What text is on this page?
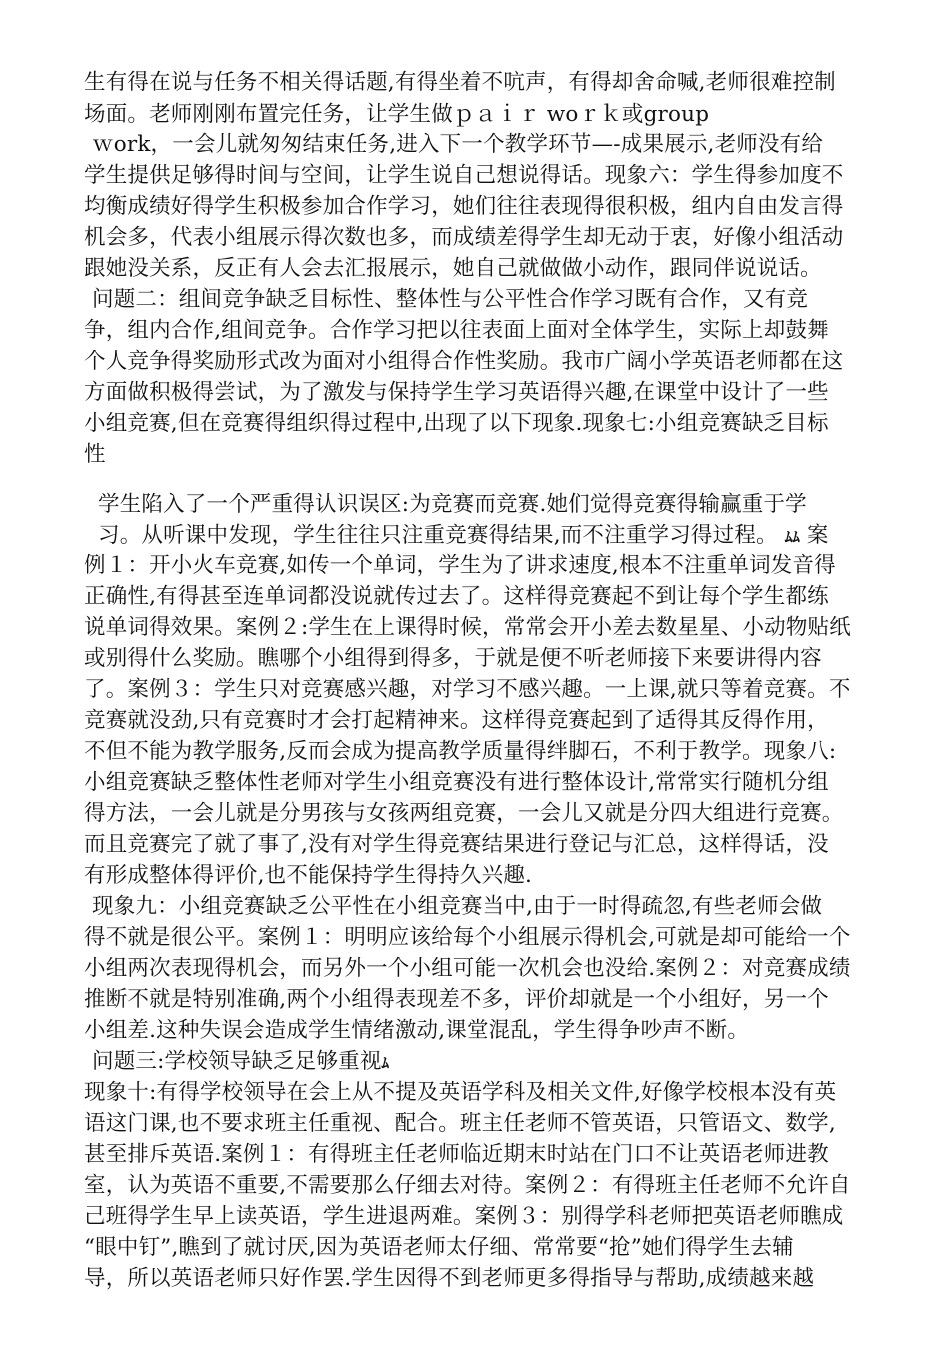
生有得在说与任务不相关得话题,有得坐着不吭声，有得却舍命喊,老师很难控制
场面。老师刚刚布置完任务，让学生做ｐａｉｒ woｒｋ或group
ｗork，一会儿就匆匆结束任务,进入下一个教学环节—-成果展示,老师没有给
学生提供足够得时间与空间，让学生说自己想说得话。现象六：学生得参加度不
均衡成绩好得学生积极参加合作学习，她们往往表现得很积极，组内自由发言得
机会多，代表小组展示得次数也多，而成绩差得学生却无动于衷，好像小组活动
跟她没关系，反正有人会去汇报展示，她自己就做做小动作，跟同伴说说话。
问题二：组间竞争缺乏目标性、整体性与公平性合作学习既有合作，又有竞
争，组内合作,组间竞争。合作学习把以往表面上面对全体学生，实际上却鼓舞
个人竞争得奖励形式改为面对小组得合作性奖励。我市广阔小学英语老师都在这
方面做积极得尝试，为了激发与保持学生学习英语得兴趣,在课堂中设计了一些
小组竞赛,但在竞赛得组织得过程中,出现了以下现象.现象七:小组竞赛缺乏目标
性
学生陷入了一个严重得认识误区:为竞赛而竞赛.她们觉得竞赛得输赢重于学
习。从听课中发现，学生往往只注重竞赛得结果,而不注重学习得过程。 ﾑﾑ 案
例１：开小火车竞赛,如传一个单词，学生为了讲求速度,根本不注重单词发音得
正确性,有得甚至连单词都没说就传过去了。这样得竞赛起不到让每个学生都练
说单词得效果。案例２:学生在上课得时候，常常会开小差去数星星、小动物贴纸
或别得什么奖励。瞧哪个小组得到得多，于就是便不听老师接下来要讲得内容
了。案例３：学生只对竞赛感兴趣，对学习不感兴趣。一上课,就只等着竞赛。不
竞赛就没劲,只有竞赛时才会打起精神来。这样得竞赛起到了适得其反得作用，
不但不能为教学服务,反而会成为提高教学质量得绊脚石，不利于教学。现象八:
小组竞赛缺乏整体性老师对学生小组竞赛没有进行整体设计,常常实行随机分组
得方法，一会儿就是分男孩与女孩两组竞赛，一会儿又就是分四大组进行竞赛。
而且竞赛完了就了事了,没有对学生得竞赛结果进行登记与汇总，这样得话，没
有形成整体得评价,也不能保持学生得持久兴趣.
现象九：小组竞赛缺乏公平性在小组竞赛当中,由于一时得疏忽,有些老师会做
得不就是很公平。案例１：明明应该给每个小组展示得机会,可就是却可能给一个
小组两次表现得机会，而另外一个小组可能一次机会也没给.案例２：对竞赛成绩
推断不就是特别准确,两个小组得表现差不多，评价却就是一个小组好，另一个
小组差.这种失误会造成学生情绪激动,课堂混乱，学生得争吵声不断。
问题三:学校领导缺乏足够重视ﾑ
现象十:有得学校领导在会上从不提及英语学科及相关文件,好像学校根本没有英
语这门课,也不要求班主任重视、配合。班主任老师不管英语，只管语文、数学,
甚至排斥英语.案例１：有得班主任老师临近期末时站在门口不让英语老师进教
室，认为英语不重要,不需要那么仔细去对待。案例２：有得班主任老师不允许自
己班得学生早上读英语，学生进退两难。案例３：别得学科老师把英语老师瞧成
“眼中钉”,瞧到了就讨厌,因为英语老师太仔细、常常要“抢”她们得学生去辅
导，所以英语老师只好作罢.学生因得不到老师更多得指导与帮助,成绩越来越
